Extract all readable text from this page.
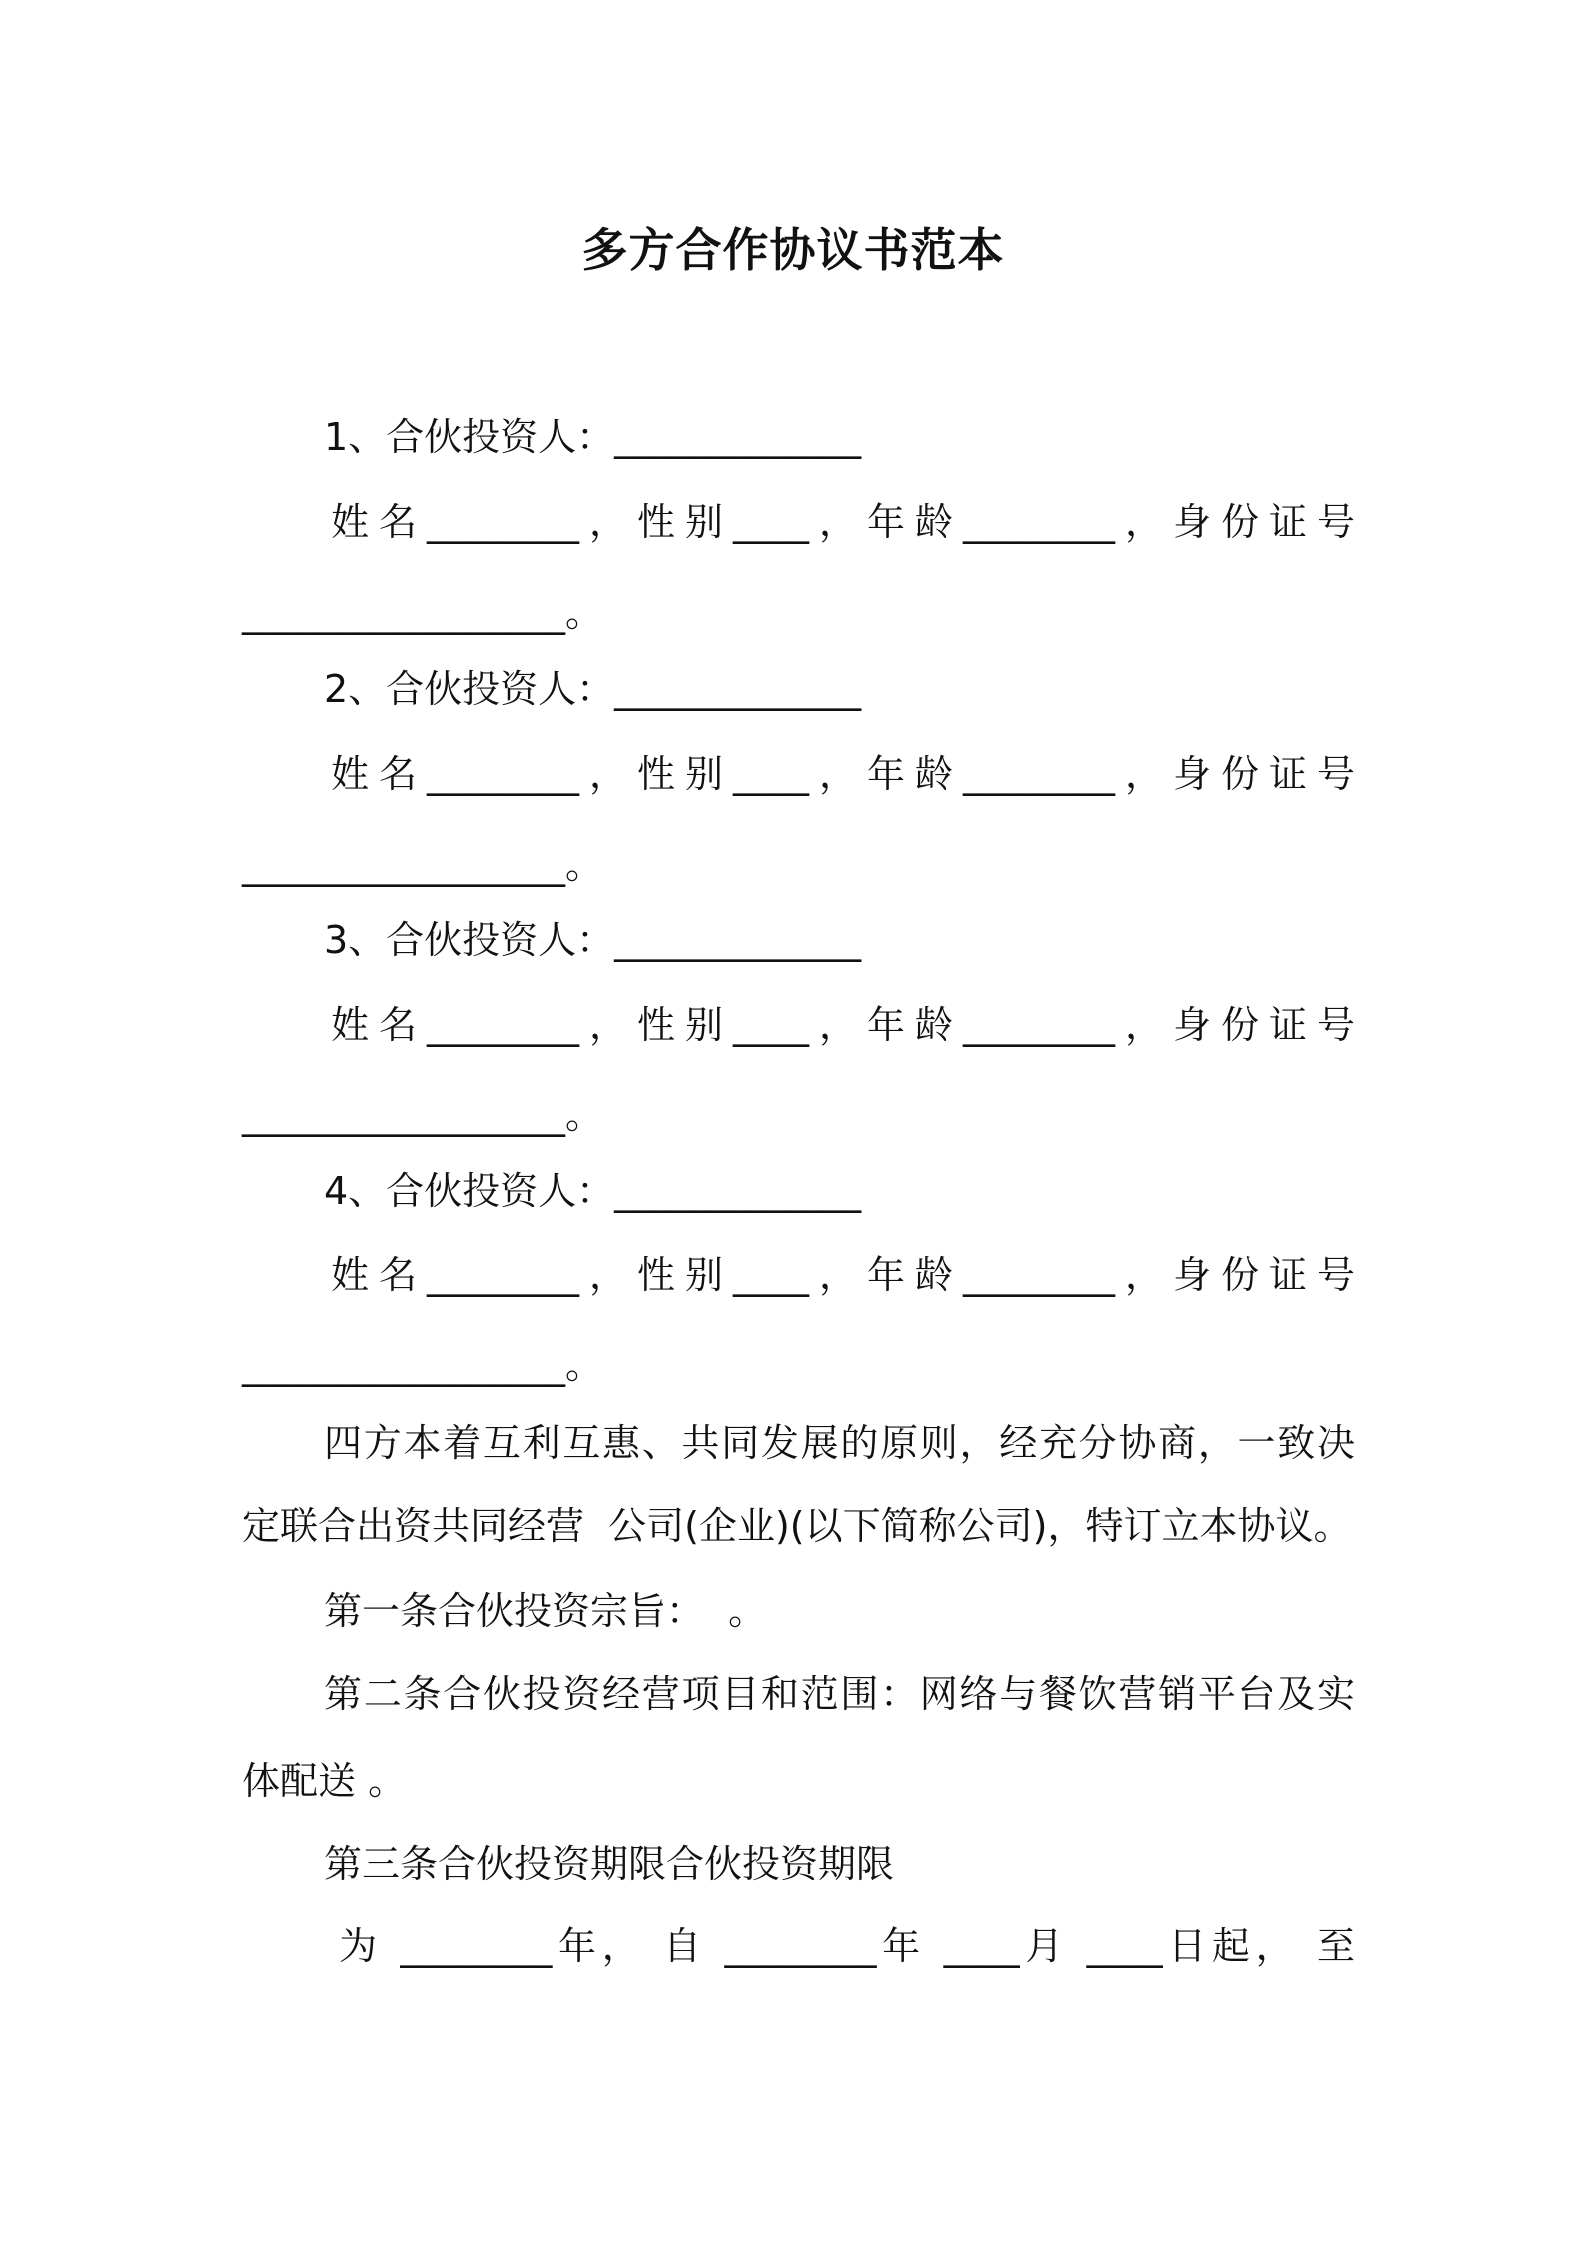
多方合作协议书范本
1、合伙投资人：_____________
姓名________，性别____，年龄________，身份证号
_________________。
2、合伙投资人：_____________
姓名________，性别____，年龄________，身份证号
_________________。
3、合伙投资人：_____________
姓名________，性别____，年龄________，身份证号
_________________。
4、合伙投资人：_____________
姓名________，性别____，年龄________，身份证号
_________________。
四方本着互利互惠、共同发展的原则，经充分协商，一致决
定联合出资共同经营  公司(企业)(以下简称公司)，特订立本协议。
第一条合伙投资宗旨：  。
第二条合伙投资经营项目和范围：网络与餐饮营销平台及实
体配送 。
第三条合伙投资期限合伙投资期限
为 ________年， 自 ________年 ____月 ____日起， 至
